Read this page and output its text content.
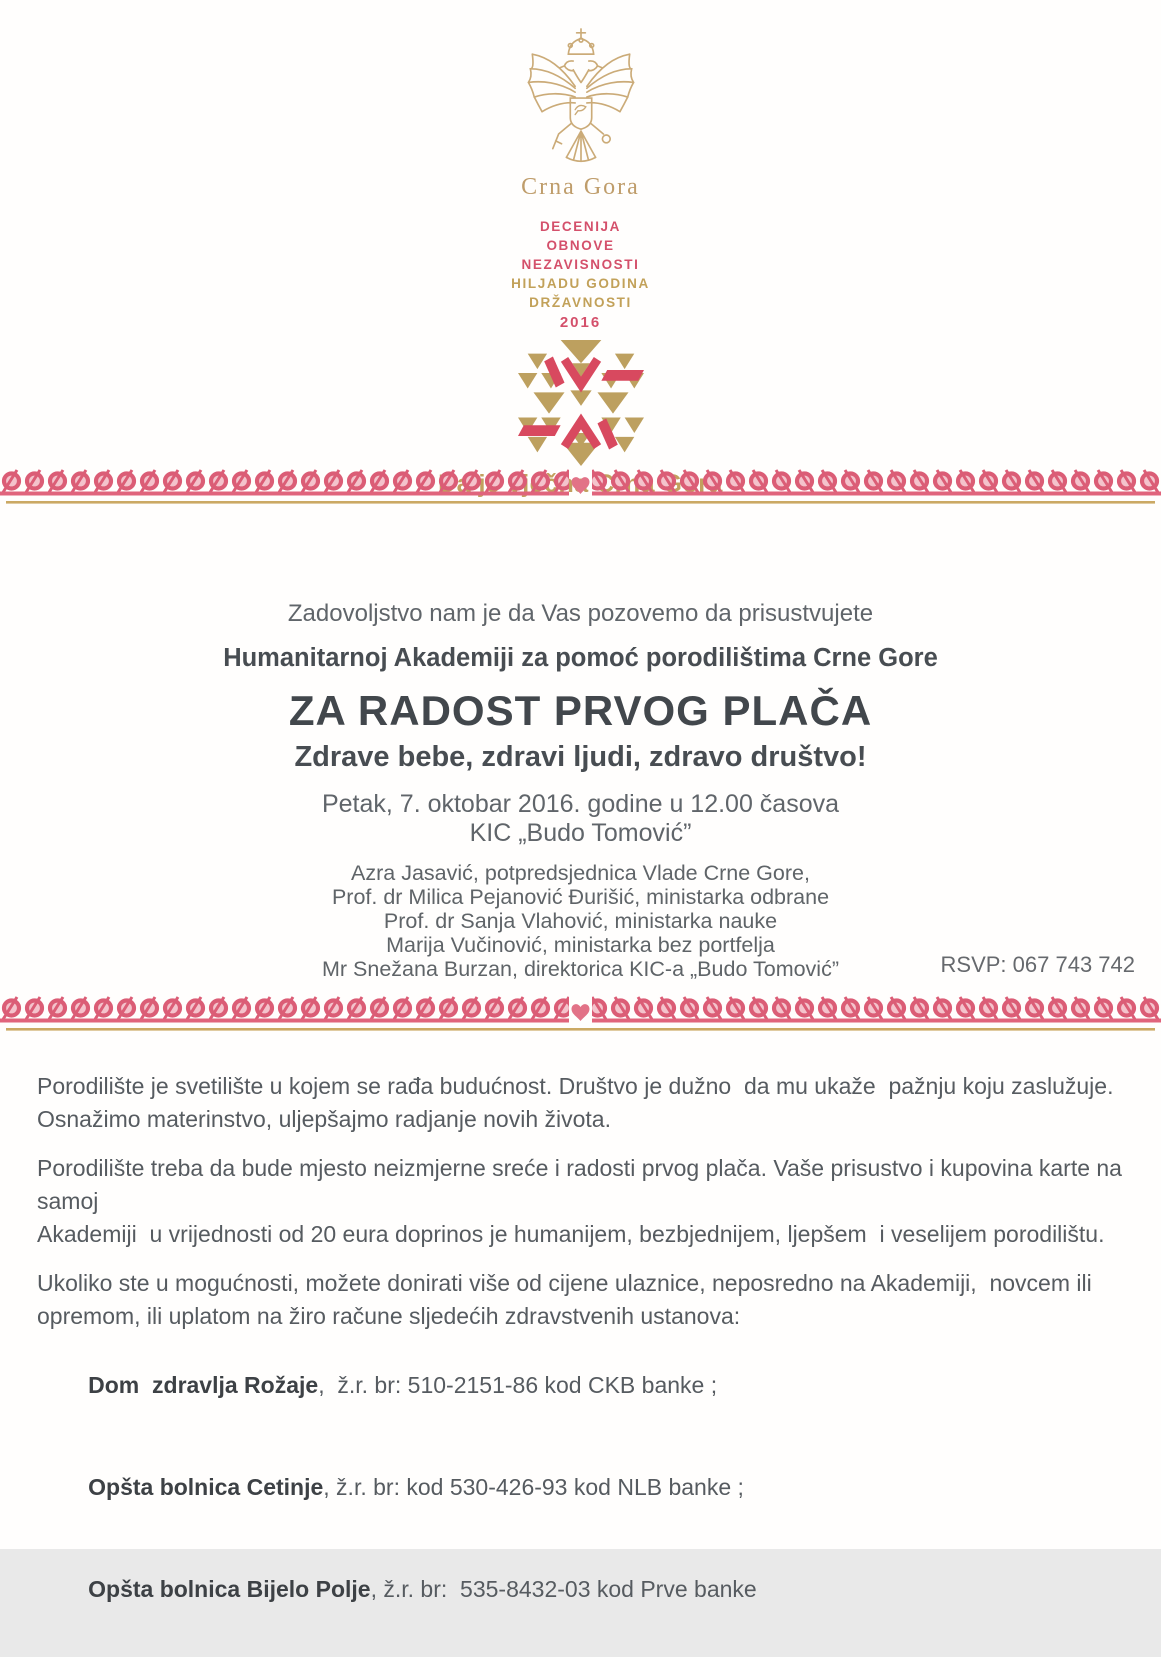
Crna Gora
DECENIJA
OBNOVE
NEZAVISNOSTI
HILJADU GODINA
DRŽAVNOSTI
2016
Zadovoljstvo nam je da Vas pozovemo da prisustvujete
Humanitarnoj Akademiji za pomoć porodilištima Crne Gore
ZA RADOST PRVOG PLAČA
Zdrave bebe, zdravi ljudi, zdravo društvo!
Petak, 7. oktobar 2016. godine u 12.00 časova
KIC „Budo Tomović”
Azra Jasavić, potpredsjednica Vlade Crne Gore,
Prof. dr Milica Pejanović Đurišić, ministarka odbrane
Prof. dr Sanja Vlahović, ministarka nauke
Marija Vučinović, ministarka bez portfelja
Mr Snežana Burzan, direktorica KIC-a „Budo Tomović”	RSVP: 067 743 742
Porodilište je svetilište u kojem se rađa budućnost. Društvo je dužno  da mu ukaže  pažnju koju zaslužuje.
Osnažimo materinstvo, uljepšajmo radjanje novih života.
Porodilište treba da bude mjesto neizmjerne sreće i radosti prvog plača. Vaše prisustvo i kupovina karte na samoj
Akademiji  u vrijednosti od 20 eura doprinos je humanijem, bezbjednijem, ljepšem  i veselijem porodilištu.
Ukoliko ste u mogućnosti, možete donirati više od cijene ulaznice, neposredno na Akademiji,  novcem ili
opremom, ili uplatom na žiro račune sljedećih zdravstvenih ustanova:

Dom  zdravlja Rožaje,  ž.r. br: 510-2151-86 kod CKB banke ;

Opšta bolnica Cetinje, ž.r. br: kod 530-426-93 kod NLB banke ;

Opšta bolnica Bijelo Polje, ž.r. br:  535-8432-03 kod Prve banke
